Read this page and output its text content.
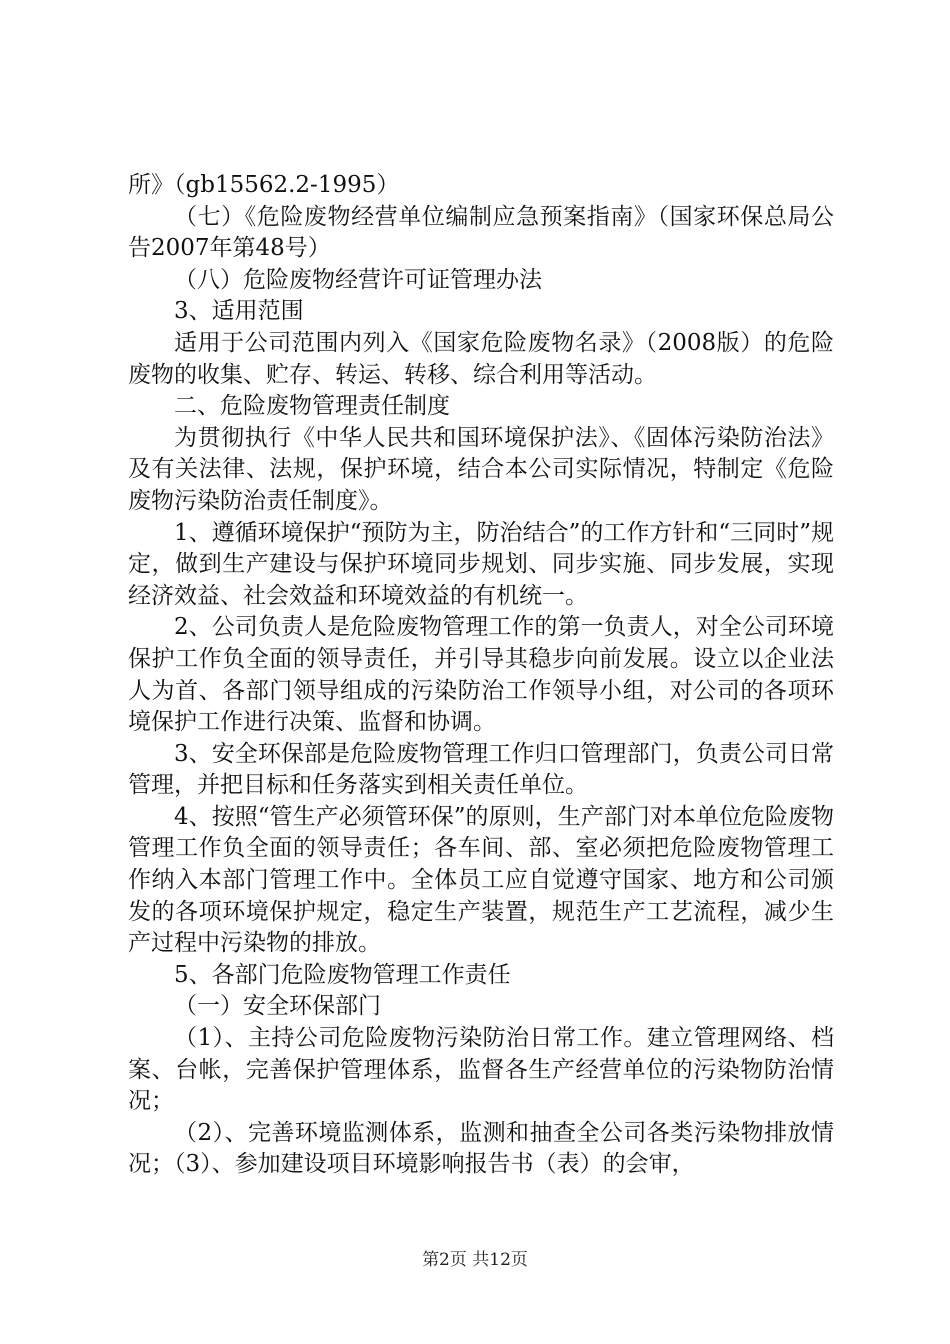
所》（gb15562.2-1995）

（七）《危险废物经营单位编制应急预案指南》（国家环保总局公告2007年第48号）

（八）危险废物经营许可证管理办法

3、适用范围

适用于公司范围内列入《国家危险废物名录》（2008版）的危险废物的收集、贮存、转运、转移、综合利用等活动。

二、危险废物管理责任制度

为贯彻执行《中华人民共和国环境保护法》、《固体污染防治法》及有关法律、法规，保护环境，结合本公司实际情况，特制定《危险废物污染防治责任制度》。

1、遵循环境保护“预防为主，防治结合”的工作方针和“三同时”规定，做到生产建设与保护环境同步规划、同步实施、同步发展，实现经济效益、社会效益和环境效益的有机统一。

2、公司负责人是危险废物管理工作的第一负责人，对全公司环境保护工作负全面的领导责任，并引导其稳步向前发展。设立以企业法人为首、各部门领导组成的污染防治工作领导小组，对公司的各项环境保护工作进行决策、监督和协调。

3、安全环保部是危险废物管理工作归口管理部门，负责公司日常管理，并把目标和任务落实到相关责任单位。

4、按照“管生产必须管环保”的原则，生产部门对本单位危险废物管理工作负全面的领导责任；各车间、部、室必须把危险废物管理工作纳入本部门管理工作中。全体员工应自觉遵守国家、地方和公司颁发的各项环境保护规定，稳定生产装置，规范生产工艺流程，减少生产过程中污染物的排放。

5、各部门危险废物管理工作责任

（一）安全环保部门

（1）、主持公司危险废物污染防治日常工作。建立管理网络、档案、台帐，完善保护管理体系，监督各生产经营单位的污染物防治情况；

（2）、完善环境监测体系，监测和抽查全公司各类污染物排放情况；（3）、参加建设项目环境影响报告书（表）的会审，

第2页 共12页
